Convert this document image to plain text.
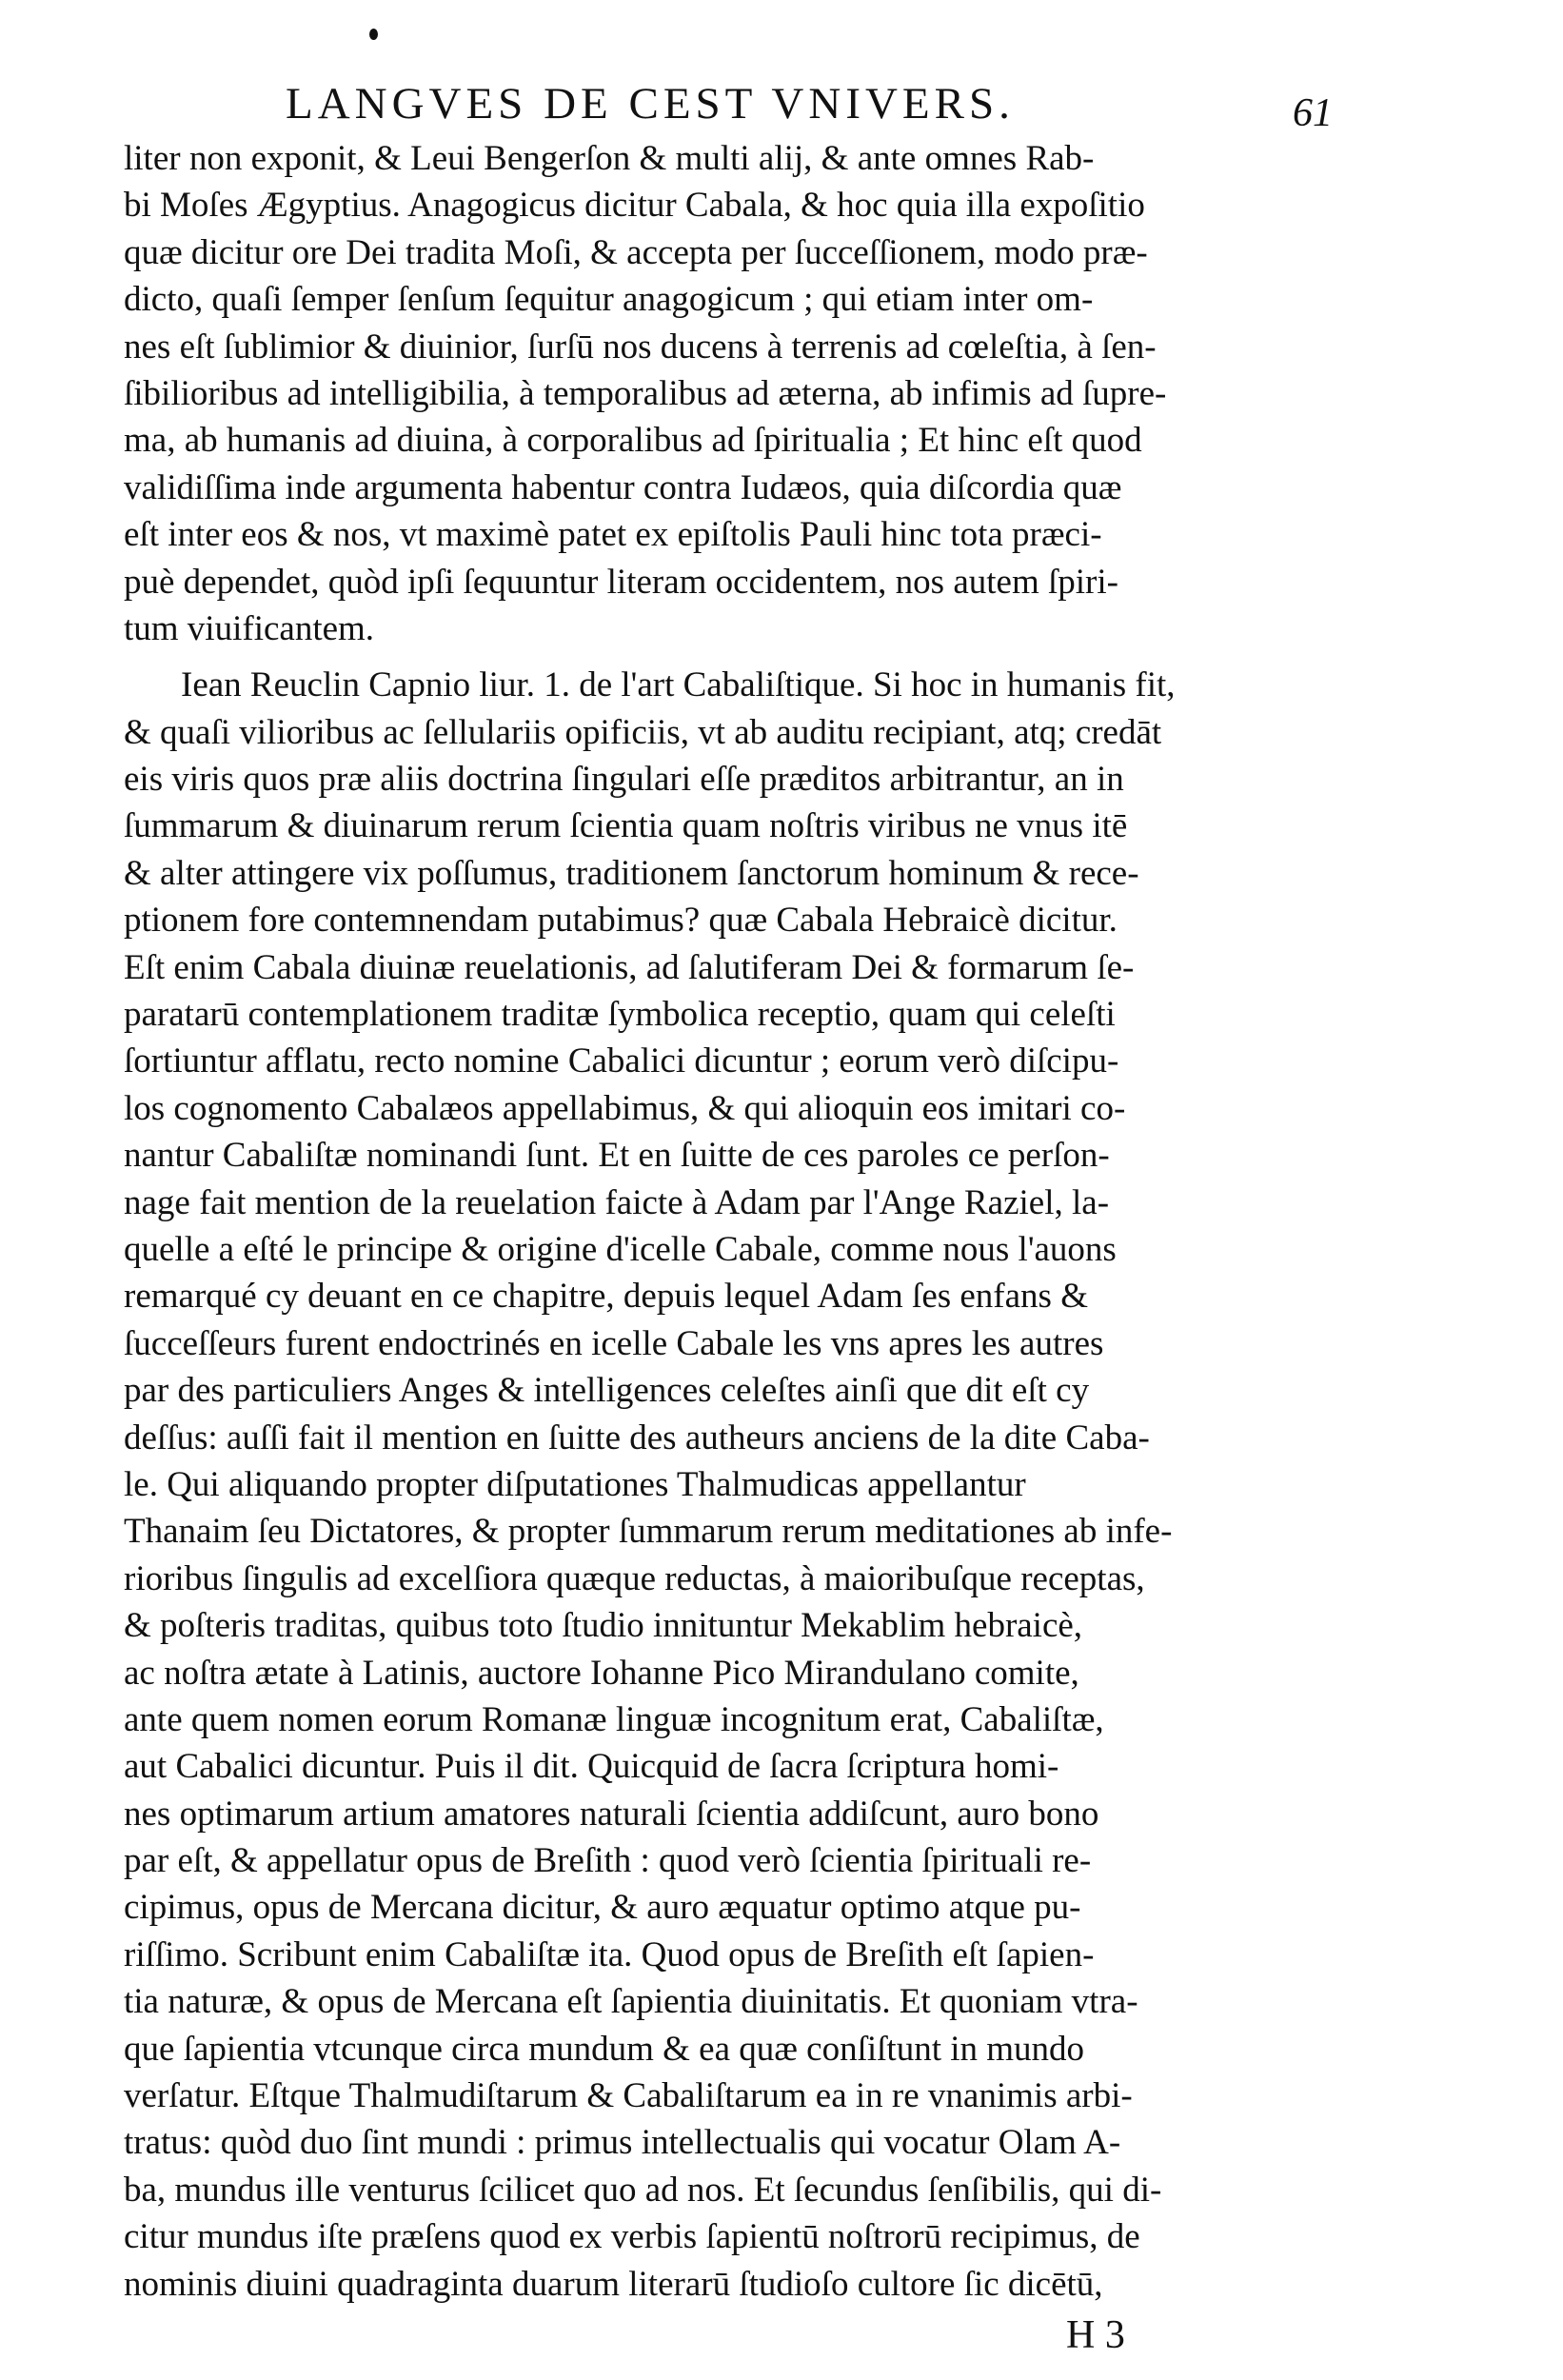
LANGVES DE CEST VNIVERS.	61
liter non exponit, & Leui Bengerſon & multi alij, & ante omnes Rab-
bi Moſes Ægyptius. Anagogicus dicitur Cabala, & hoc quia illa expoſitio
quæ dicitur ore Dei tradita Moſi, & accepta per ſucceſſionem, modo præ-
dicto, quaſi ſemper ſenſum ſequitur anagogicum ; qui etiam inter om-
nes eſt ſublimior & diuinior, ſurſū nos ducens à terrenis ad cœleſtia, à ſen-
ſibilioribus ad intelligibilia, à temporalibus ad æterna, ab infimis ad ſupre-
ma, ab humanis ad diuina, à corporalibus ad ſpiritualia ; Et hinc eſt quod
validiſſima inde argumenta habentur contra Iudæos, quia diſcordia quæ
eſt inter eos & nos, vt maximè patet ex epiſtolis Pauli hinc tota præci-
puè dependet, quòd ipſi ſequuntur literam occidentem, nos autem ſpiri-
tum viuificantem.
Iean Reuclin Capnio liur. 1. de l'art Cabaliſtique. Si hoc in humanis fit,
& quaſi vilioribus ac ſellulariis opificiis, vt ab auditu recipiant, atq; credāt
eis viris quos præ aliis doctrina ſingulari eſſe præditos arbitrantur, an in
ſummarum & diuinarum rerum ſcientia quam noſtris viribus ne vnus itē
& alter attingere vix poſſumus, traditionem ſanctorum hominum & rece-
ptionem fore contemnendam putabimus? quæ Cabala Hebraicè dicitur.
Eſt enim Cabala diuinæ reuelationis, ad ſalutiferam Dei & formarum ſe-
paratarū contemplationem traditæ ſymbolica receptio, quam qui celeſti
ſortiuntur afflatu, recto nomine Cabalici dicuntur ; eorum verò diſcipu-
los cognomento Cabalæos appellabimus, & qui alioquin eos imitari co-
nantur Cabaliſtæ nominandi ſunt. Et en ſuitte de ces paroles ce perſon-
nage fait mention de la reuelation faicte à Adam par l'Ange Raziel, la-
quelle a eſté le principe & origine d'icelle Cabale, comme nous l'auons
remarqué cy deuant en ce chapitre, depuis lequel Adam ſes enfans &
ſucceſſeurs furent endoctrinés en icelle Cabale les vns apres les autres
par des particuliers Anges & intelligences celeſtes ainſi que dit eſt cy
deſſus: auſſi fait il mention en ſuitte des autheurs anciens de la dite Caba-
le. Qui aliquando propter diſputationes Thalmudicas appellantur
Thanaim ſeu Dictatores, & propter ſummarum rerum meditationes ab infe-
rioribus ſingulis ad excelſiora quæque reductas, à maioribuſque receptas,
& poſteris traditas, quibus toto ſtudio innituntur Mekablim hebraicè,
ac noſtra ætate à Latinis, auctore Iohanne Pico Mirandulano comite,
ante quem nomen eorum Romanæ linguæ incognitum erat, Cabaliſtæ,
aut Cabalici dicuntur. Puis il dit. Quicquid de ſacra ſcriptura homi-
nes optimarum artium amatores naturali ſcientia addiſcunt, auro bono
par eſt, & appellatur opus de Breſith : quod verò ſcientia ſpirituali re-
cipimus, opus de Mercana dicitur, & auro æquatur optimo atque pu-
riſſimo. Scribunt enim Cabaliſtæ ita. Quod opus de Breſith eſt ſapien-
tia naturæ, & opus de Mercana eſt ſapientia diuinitatis. Et quoniam vtra-
que ſapientia vtcunque circa mundum & ea quæ conſiſtunt in mundo
verſatur. Eſtque Thalmudiſtarum & Cabaliſtarum ea in re vnanimis arbi-
tratus: quòd duo ſint mundi : primus intellectualis qui vocatur Olam A-
ba, mundus ille venturus ſcilicet quo ad nos. Et ſecundus ſenſibilis, qui di-
citur mundus iſte præſens quod ex verbis ſapientū noſtrorū recipimus, de
nominis diuini quadraginta duarum literarū ſtudioſo cultore ſic dicētū,
H 3
